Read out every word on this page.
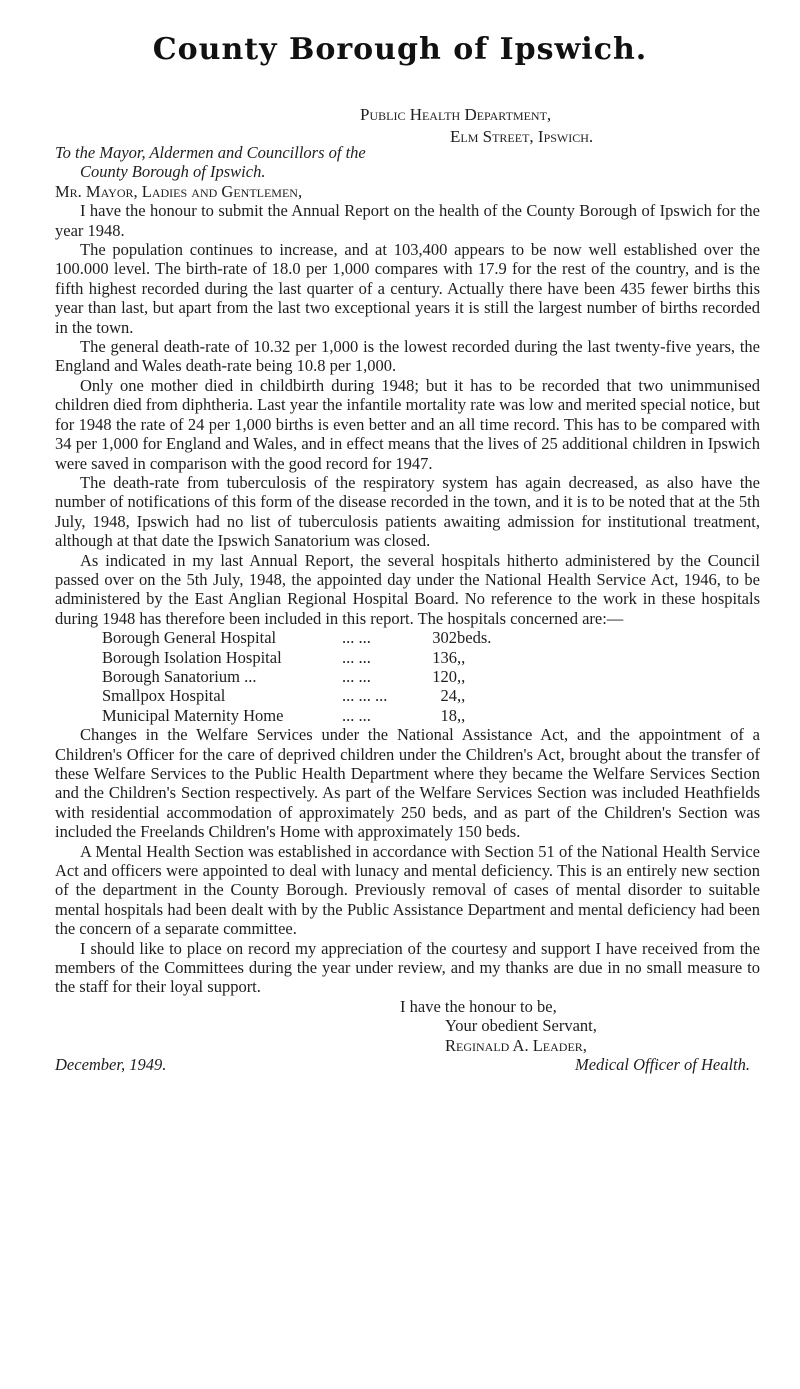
County Borough of Ipswich.
Public Health Department,
Elm Street, Ipswich.

To the Mayor, Aldermen and Councillors of the
County Borough of Ipswich.

Mr. Mayor, Ladies and Gentlemen,

I have the honour to submit the Annual Report on the health of the County Borough of Ipswich for the year 1948.

The population continues to increase, and at 103,400 appears to be now well established over the 100.000 level. The birth-rate of 18.0 per 1,000 compares with 17.9 for the rest of the country, and is the fifth highest recorded during the last quarter of a century. Actually there have been 435 fewer births this year than last, but apart from the last two exceptional years it is still the largest number of births recorded in the town.

The general death-rate of 10.32 per 1,000 is the lowest recorded during the last twenty-five years, the England and Wales death-rate being 10.8 per 1,000.

Only one mother died in childbirth during 1948; but it has to be recorded that two unimmunised children died from diphtheria. Last year the infantile mortality rate was low and merited special notice, but for 1948 the rate of 24 per 1,000 births is even better and an all time record. This has to be compared with 34 per 1,000 for England and Wales, and in effect means that the lives of 25 additional children in Ipswich were saved in comparison with the good record for 1947.

The death-rate from tuberculosis of the respiratory system has again decreased, as also have the number of notifications of this form of the disease recorded in the town, and it is to be noted that at the 5th July, 1948, Ipswich had no list of tuberculosis patients awaiting admission for institutional treatment, although at that date the Ipswich Sanatorium was closed.

As indicated in my last Annual Report, the several hospitals hitherto administered by the Council passed over on the 5th July, 1948, the appointed day under the National Health Service Act, 1946, to be administered by the East Anglian Regional Hospital Board. No reference to the work in these hospitals during 1948 has therefore been included in this report. The hospitals concerned are:—

Borough General Hospital	... ...	302	beds.
Borough Isolation Hospital	... ...	136	,,
Borough Sanatorium ...	... ...	120	,,
Smallpox Hospital	... ... ...	24	,,
Municipal Maternity Home	... ...	18	,,

Changes in the Welfare Services under the National Assistance Act, and the appointment of a Children's Officer for the care of deprived children under the Children's Act, brought about the transfer of these Welfare Services to the Public Health Department where they became the Welfare Services Section and the Children's Section respectively. As part of the Welfare Services Section was included Heathfields with residential accommodation of approximately 250 beds, and as part of the Children's Section was included the Freelands Children's Home with approximately 150 beds.

A Mental Health Section was established in accordance with Section 51 of the National Health Service Act and officers were appointed to deal with lunacy and mental deficiency. This is an entirely new section of the department in the County Borough. Previously removal of cases of mental disorder to suitable mental hospitals had been dealt with by the Public Assistance Department and mental deficiency had been the concern of a separate committee.

I should like to place on record my appreciation of the courtesy and support I have received from the members of the Committees during the year under review, and my thanks are due in no small measure to the staff for their loyal support.

I have the honour to be,
Your obedient Servant,
Reginald A. Leader,
December, 1949.	Medical Officer of Health.
